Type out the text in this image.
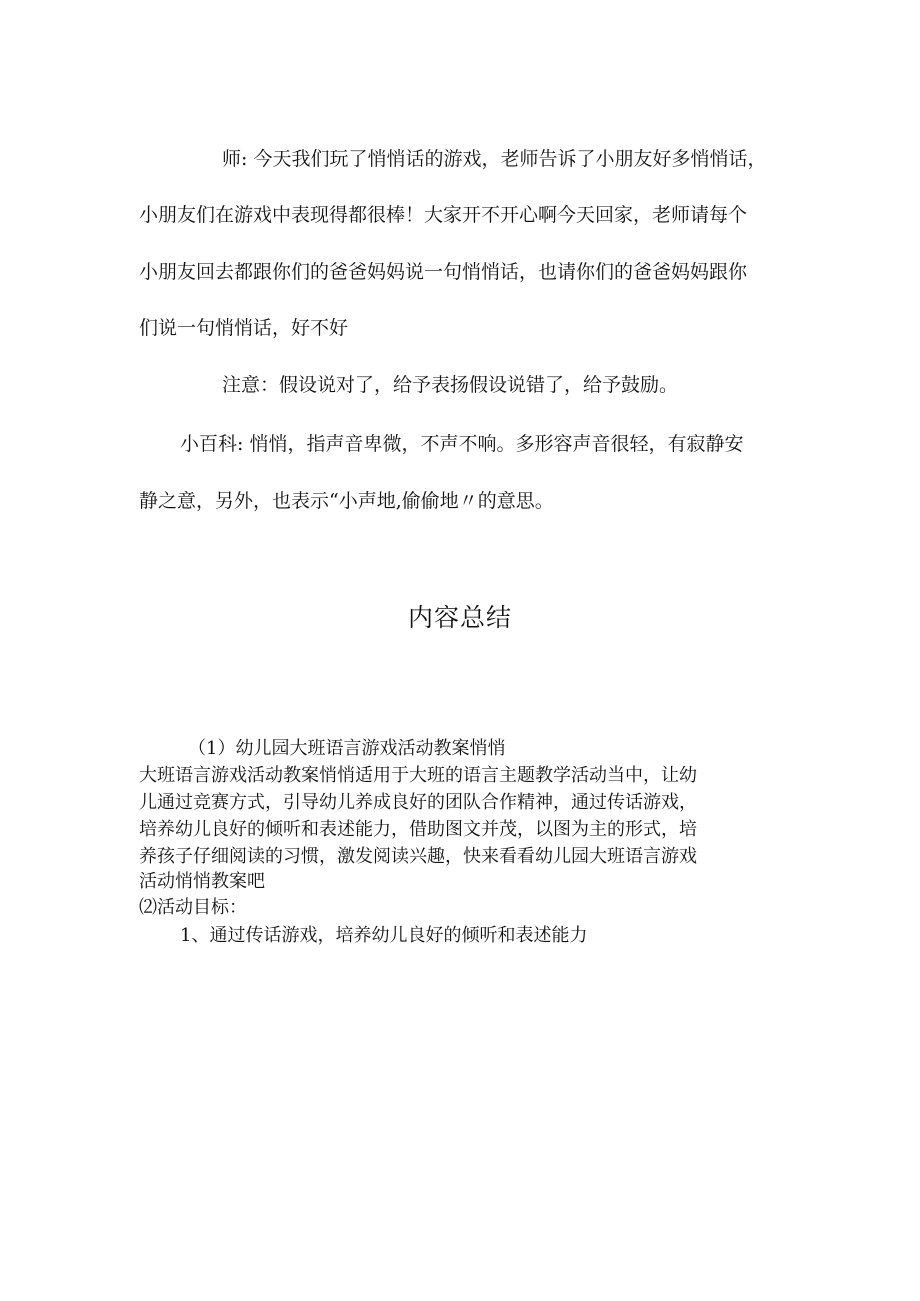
师: 今天我们玩了悄悄话的游戏，老师告诉了小朋友好多悄悄话，
小朋友们在游戏中表现得都很棒！大家开不开心啊今天回家，老师请每个
小朋友回去都跟你们的爸爸妈妈说一句悄悄话，也请你们的爸爸妈妈跟你
们说一句悄悄话，好不好
注意：假设说对了，给予表扬假设说错了，给予鼓励。
小百科: 悄悄，指声音卑微，不声不响。多形容声音很轻，有寂静安
静之意，另外，也表示“小声地,偷偷地〃的意思。
内容总结
（1）幼儿园大班语言游戏活动教案悄悄
大班语言游戏活动教案悄悄适用于大班的语言主题教学活动当中，让幼
儿通过竞赛方式，引导幼儿养成良好的团队合作精神，通过传话游戏，
培养幼儿良好的倾听和表述能力，借助图文并茂，以图为主的形式，培
养孩子仔细阅读的习惯，激发阅读兴趣，快来看看幼儿园大班语言游戏
活动悄悄教案吧
⑵活动目标：
1、通过传话游戏，培养幼儿良好的倾听和表述能力
